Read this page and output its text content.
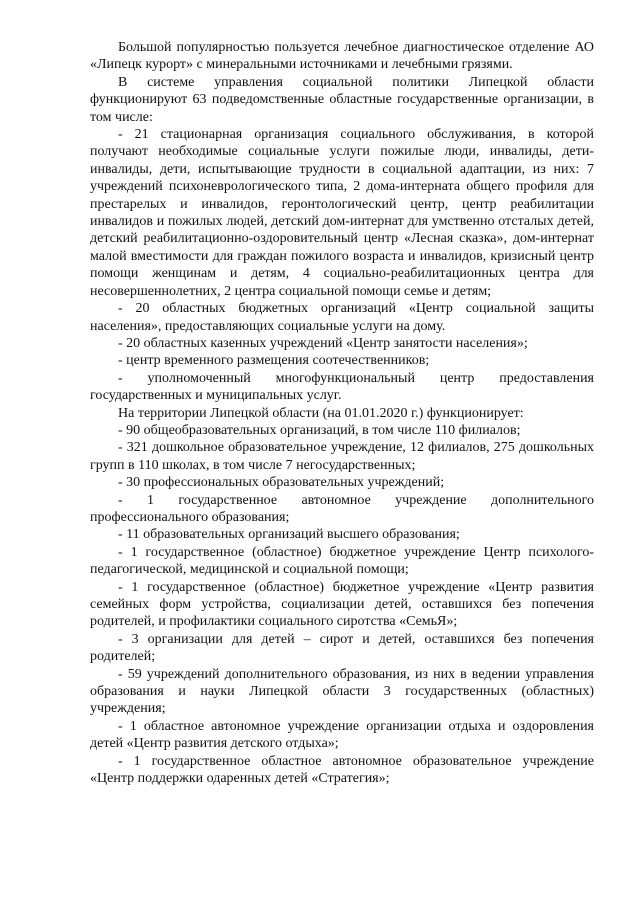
Большой популярностью пользуется лечебное диагностическое отделение АО «Липецк курорт» с минеральными источниками и лечебными грязями.

В системе управления социальной политики Липецкой области функционируют 63 подведомственные областные государственные организации, в том числе:

- 21 стационарная организация социального обслуживания, в которой получают необходимые социальные услуги пожилые люди, инвалиды, дети-инвалиды, дети, испытывающие трудности в социальной адаптации, из них: 7 учреждений психоневрологического типа, 2 дома-интерната общего профиля для престарелых и инвалидов, геронтологический центр, центр реабилитации инвалидов и пожилых людей, детский дом-интернат для умственно отсталых детей, детский реабилитационно-оздоровительный центр «Лесная сказка», дом-интернат малой вместимости для граждан пожилого возраста и инвалидов, кризисный центр помощи женщинам и детям, 4 социально-реабилитационных центра для несовершеннолетних, 2 центра социальной помощи семье и детям;

- 20 областных бюджетных организаций «Центр социальной защиты населения», предоставляющих социальные услуги на дому.

- 20 областных казенных учреждений «Центр занятости населения»;

- центр временного размещения соотечественников;

- уполномоченный многофункциональный центр предоставления государственных и муниципальных услуг.

На территории Липецкой области (на 01.01.2020 г.) функционирует:

- 90 общеобразовательных организаций, в том числе 110 филиалов;

- 321 дошкольное образовательное учреждение, 12 филиалов, 275 дошкольных групп в 110 школах, в том числе 7 негосударственных;

- 30 профессиональных образовательных учреждений;

- 1 государственное автономное учреждение дополнительного профессионального образования;

- 11 образовательных организаций высшего образования;

- 1 государственное (областное) бюджетное учреждение Центр психолого-педагогической, медицинской и социальной помощи;

- 1 государственное (областное) бюджетное учреждение «Центр развития семейных форм устройства, социализации детей, оставшихся без попечения родителей, и профилактики социального сиротства «СемьЯ»;

- 3 организации для детей – сирот и детей, оставшихся без попечения родителей;

- 59 учреждений дополнительного образования, из них в ведении управления образования и науки Липецкой области 3 государственных (областных) учреждения;

- 1 областное автономное учреждение организации отдыха и оздоровления детей «Центр развития детского отдыха»;

- 1 государственное областное автономное образовательное учреждение «Центр поддержки одаренных детей «Стратегия»;
